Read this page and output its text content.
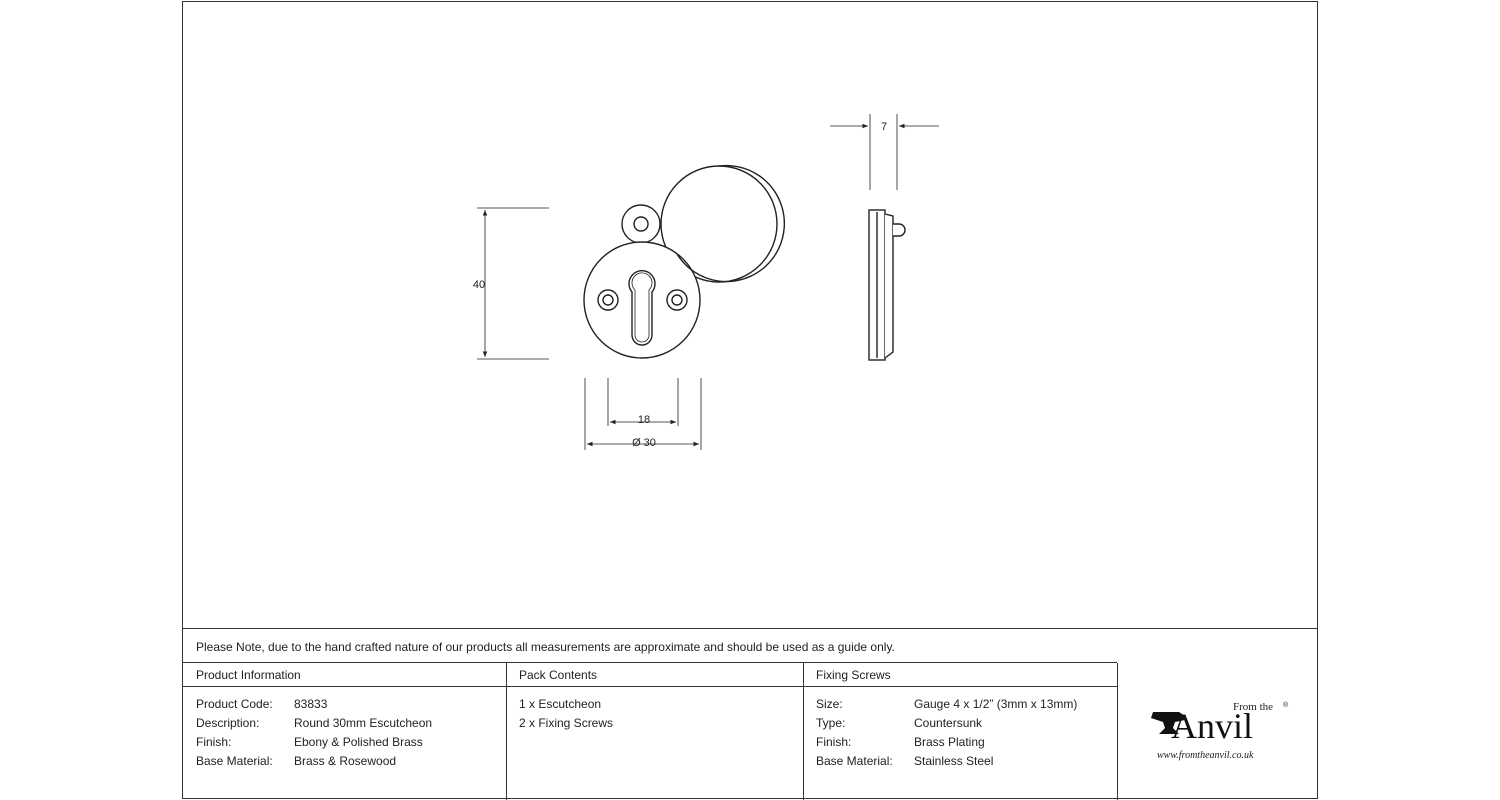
40
18
Ø 30
7
Please Note, due to the hand crafted nature of our products all measurements are approximate and should be used as a guide only.
Product Information
Product Code: 83833
Description:	Round 30mm Escutcheon
Finish:	Ebony & Polished Brass
Base Material: Brass & Rosewood
Pack Contents
1 x Escutcheon
2 x Fixing Screws
Fixing Screws
Size:	Gauge 4 x 1/2” (3mm x 13mm)
Type:	Countersunk
Finish:	Brass Plating
Base Material: Stainless Steel
From the ®
Anvil
www.fromtheanvil.co.uk
